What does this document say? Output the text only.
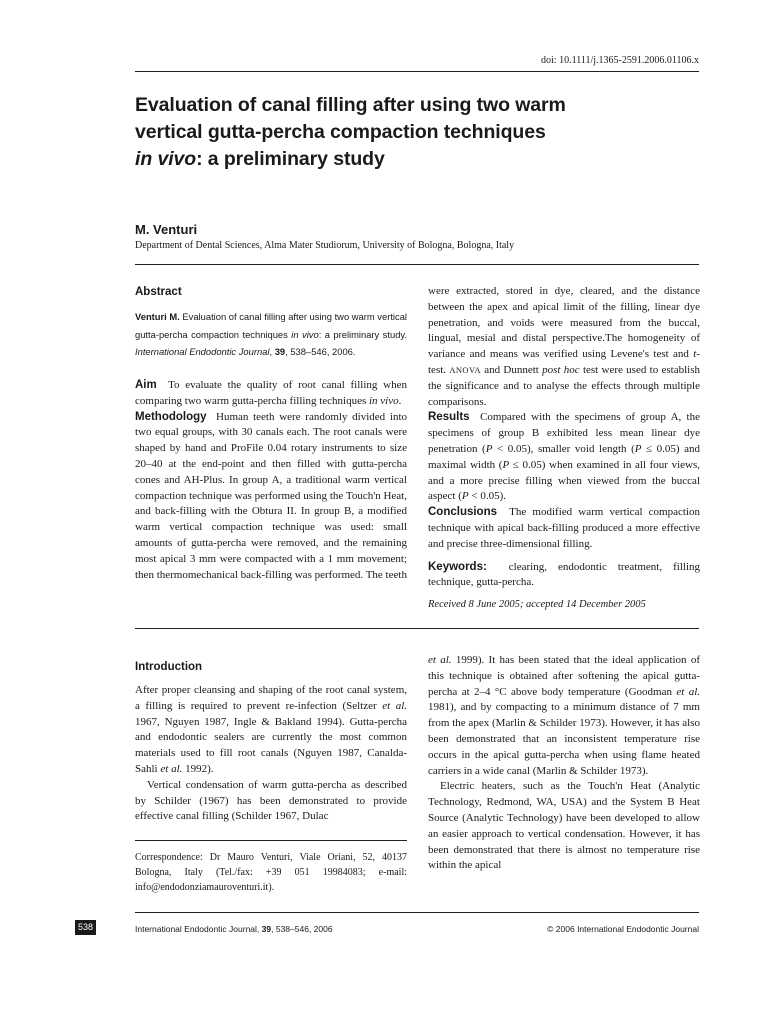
doi: 10.1111/j.1365-2591.2006.01106.x
Evaluation of canal filling after using two warm
vertical gutta-percha compaction techniques
in vivo: a preliminary study
M. Venturi
Department of Dental Sciences, Alma Mater Studiorum, University of Bologna, Bologna, Italy
Abstract
Venturi M. Evaluation of canal filling after using two warm vertical gutta-percha compaction techniques in vivo: a preliminary study. International Endodontic Journal, 39, 538–546, 2006.

Aim To evaluate the quality of root canal filling when comparing two warm gutta-percha filling techniques in vivo.

Methodology Human teeth were randomly divided into two equal groups, with 30 canals each. The root canals were shaped by hand and ProFile 0.04 rotary instruments to size 20–40 at the end-point and then filled with gutta-percha cones and AH-Plus. In group A, a traditional warm vertical compaction technique was performed using the Touch'n Heat, and back-filling with the Obtura II. In group B, a modified warm vertical compaction technique was used: small amounts of gutta-percha were removed, and the remaining most apical 3 mm were compacted with a 1 mm movement; then thermomechanical back-filling was performed. The teeth

were extracted, stored in dye, cleared, and the distance between the apex and apical limit of the filling, linear dye penetration, and voids were measured from the buccal, lingual, mesial and distal perspective.The homogeneity of variance and means was verified using Levene's test and t-test. ANOVA and Dunnett post hoc test were used to establish the significance and to analyse the effects through multiple comparisons.

Results Compared with the specimens of group A, the specimens of group B exhibited less mean linear dye penetration (P < 0.05), smaller void length (P ≤ 0.05) and maximal width (P ≤ 0.05) when examined in all four views, and a more precise filling when viewed from the buccal aspect (P < 0.05).

Conclusions The modified warm vertical compaction technique with apical back-filling produced a more effective and precise three-dimensional filling.

Keywords: clearing, endodontic treatment, filling technique, gutta-percha.

Received 8 June 2005; accepted 14 December 2005
Introduction

After proper cleansing and shaping of the root canal system, a filling is required to prevent re-infection (Seltzer et al. 1967, Nguyen 1987, Ingle & Bakland 1994). Gutta-percha and endodontic sealers are currently the most common materials used to fill root canals (Nguyen 1987, Canalda-Sahli et al. 1992).

Vertical condensation of warm gutta-percha as described by Schilder (1967) has been demonstrated to provide effective canal filling (Schilder 1967, Dulac

Correspondence: Dr Mauro Venturi, Viale Oriani, 52, 40137 Bologna, Italy (Tel./fax: +39 051 19984083; e-mail: info@endodonziamauroventuri.it).

et al. 1999). It has been stated that the ideal application of this technique is obtained after softening the apical gutta-percha at 2–4 °C above body temperature (Goodman et al. 1981), and by compacting to a minimum distance of 7 mm from the apex (Marlin & Schilder 1973). However, it has also been demonstrated that an inconsistent temperature rise occurs in the apical gutta-percha when using flame heated carriers in a wide canal (Marlin & Schilder 1973).

Electric heaters, such as the Touch'n Heat (Analytic Technology, Redmond, WA, USA) and the System B Heat Source (Analytic Technology) have been developed to allow an easier approach to vertical condensation. However, it has been demonstrated that there is almost no temperature rise within the apical

538	International Endodontic Journal, 39, 538–546, 2006	© 2006 International Endodontic Journal
